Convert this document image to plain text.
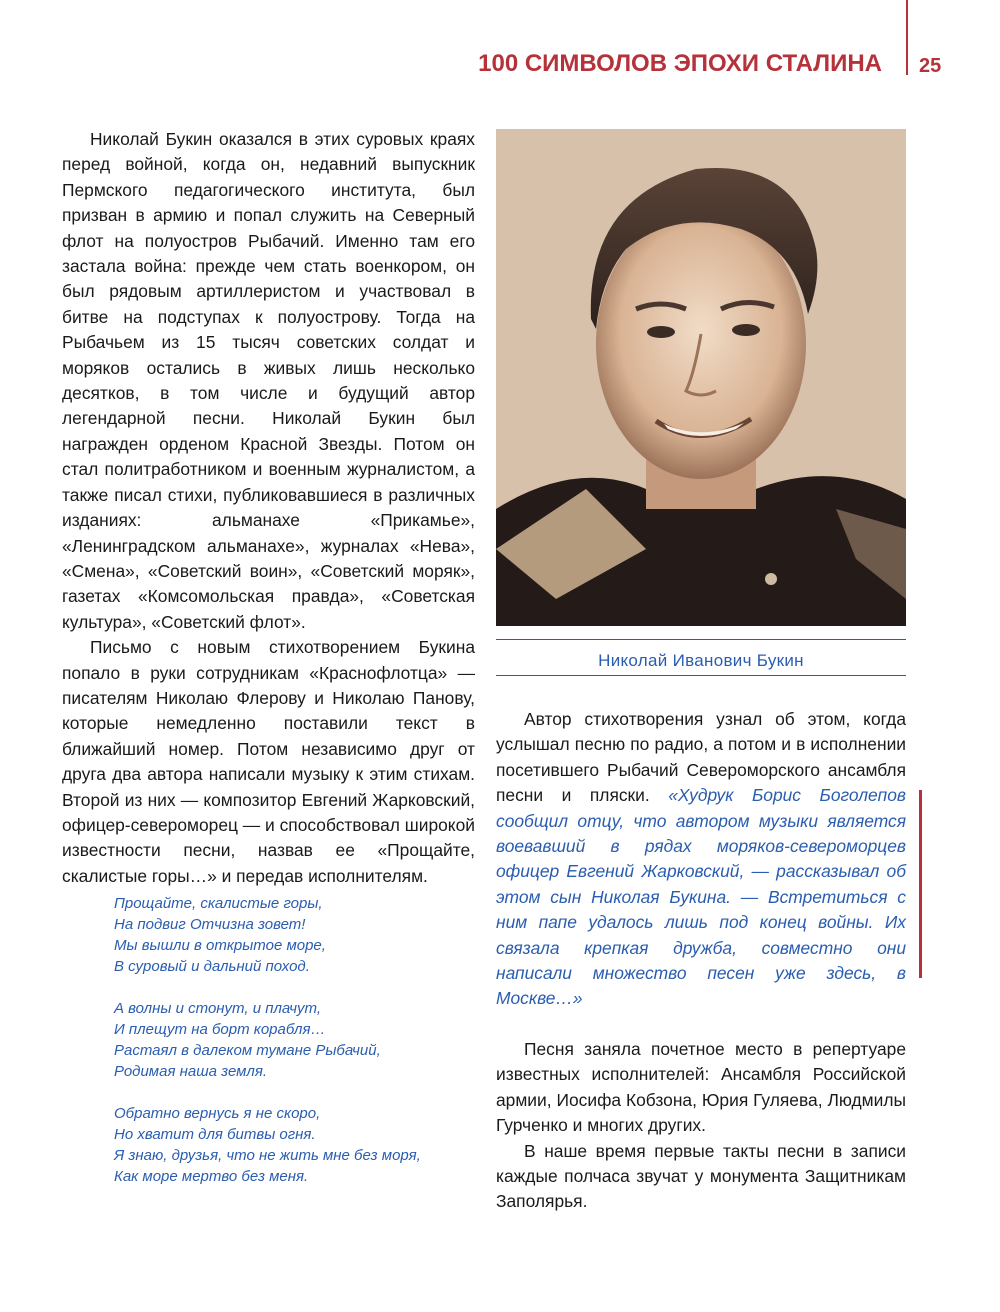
100 СИМВОЛОВ ЭПОХИ СТАЛИНА 25

Николай Букин оказался в этих суровых краях перед войной, когда он, недавний выпускник Пермского педагогического института, был призван в армию и попал служить на Северный флот на полуостров Рыбачий. Именно там его застала война: прежде чем стать военкором, он был рядовым артиллеристом и участвовал в битве на подступах к полуострову. Тогда на Рыбачьем из 15 тысяч советских солдат и моряков остались в живых лишь несколько десятков, в том числе и будущий автор легендарной песни. Николай Букин был награжден орденом Красной Звезды. Потом он стал политработником и военным журналистом, а также писал стихи, публиковавшиеся в различных изданиях: альманахе «Прикамье», «Ленинградском альманахе», журналах «Нева», «Смена», «Советский воин», «Советский моряк», газетах «Комсомольская правда», «Советская культура», «Советский флот».

Письмо с новым стихотворением Букина попало в руки сотрудникам «Краснофлотца» — писателям Николаю Флерову и Николаю Панову, которые немедленно поставили текст в ближайший номер. Потом независимо друг от друга два автора написали музыку к этим стихам. Второй из них — композитор Евгений Жарковский, офицер-североморец — и способствовал широкой известности песни, назвав ее «Прощайте, скалистые горы…» и передав исполнителям.

Прощайте, скалистые горы,
На подвиг Отчизна зовет!
Мы вышли в открытое море,
В суровый и дальний поход.
А волны и стонут, и плачут,
И плещут на борт корабля…
Растаял в далеком тумане Рыбачий,
Родимая наша земля.
Обратно вернусь я не скоро,
Но хватит для битвы огня.
Я знаю, друзья, что не жить мне без моря,
Как море мертво без меня.
Николай Иванович Букин

Автор стихотворения узнал об этом, когда услышал песню по радио, а потом и в исполнении посетившего Рыбачий Североморского ансамбля песни и пляски. «Худрук Борис Боголепов сообщил отцу, что автором музыки является воевавший в рядах моряков-североморцев офицер Евгений Жарковский, — рассказывал об этом сын Николая Букина. — Встретиться с ним папе удалось лишь под конец войны. Их связала крепкая дружба, совместно они написали множество песен уже здесь, в Москве…»

Песня заняла почетное место в репертуаре известных исполнителей: Ансамбля Российской армии, Иосифа Кобзона, Юрия Гуляева, Людмилы Гурченко и многих других.

В наше время первые такты песни в записи каждые полчаса звучат у монумента Защитникам Заполярья.
